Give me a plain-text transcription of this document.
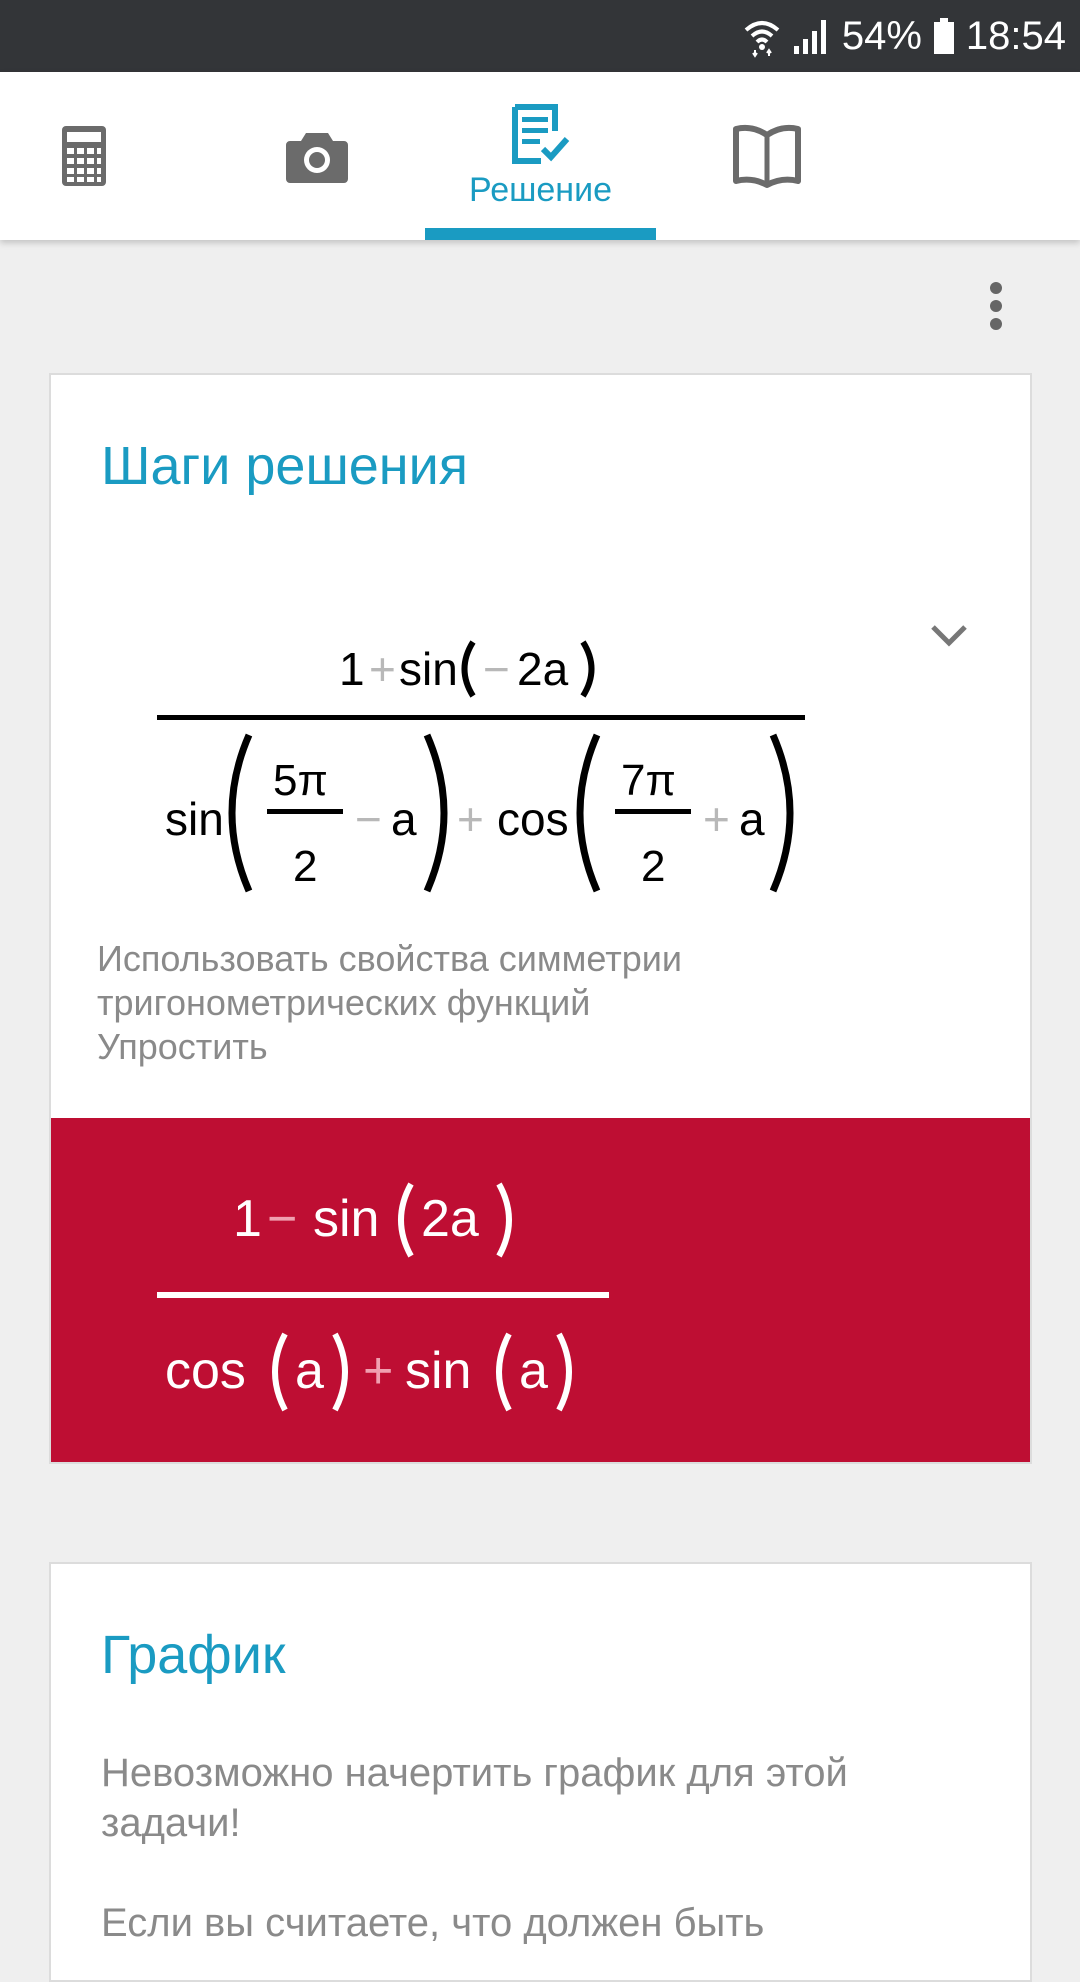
54% 18:54
Решение
Шаги решения
1 + sin − 2a
sin
5π
2
− a + cos
7π
2
+ a
Использовать свойства симметрии
тригонометрических функций
Упростить
1 − sin 2a
cos a + sin a
График
Невозможно начертить график для этой задачи!
Если вы считаете, что должен быть
